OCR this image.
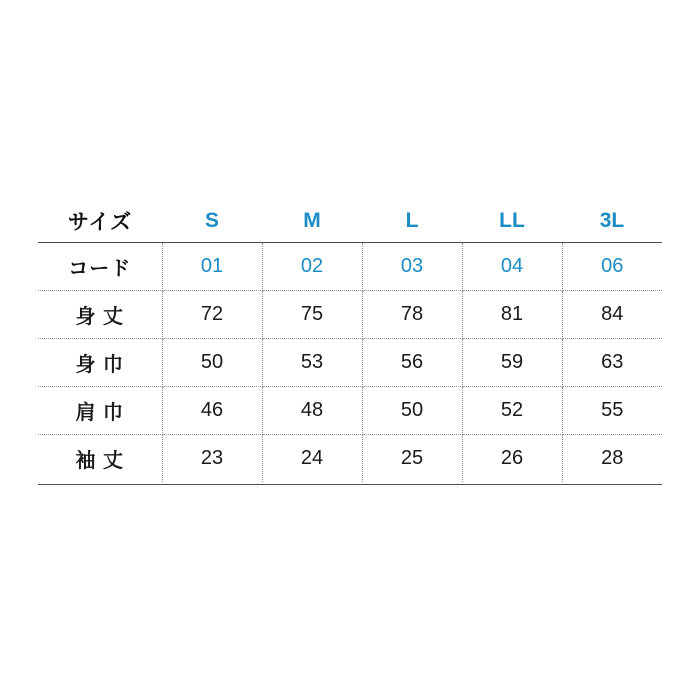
サイズ	S	M	L	LL	3L
コード	01	02	03	04	06
身 丈	72	75	78	81	84
身 巾	50	53	56	59	63
肩 巾	46	48	50	52	55
袖 丈	23	24	25	26	28
